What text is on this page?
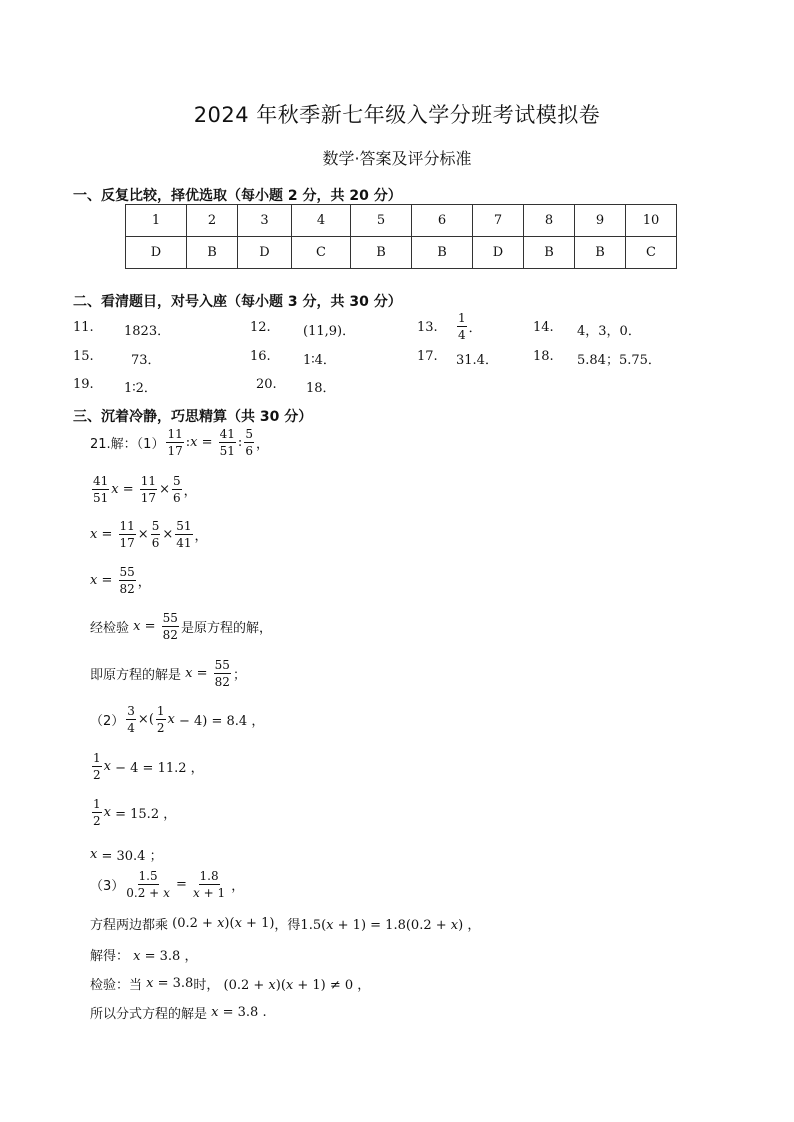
2024 年秋季新七年级入学分班考试模拟卷
数学·答案及评分标准
一、反复比较，择优选取（每小题 2 分，共 20 分）
1	2	3	4	5	6	7	8	9	10
D	B	D	C	B	B	D	B	B	C
二、看清题目，对号入座（每小题 3 分，共 30 分）
11. 1823．	12. (11,9)．	13. $\frac{1}{4}$ ．	14. 4，3，0．
15.	73．	16. 1∶4．	17. 31.4．	18. 5.84；5.75．
19. 1∶2．	20. 18．
三、沉着冷静，巧思精算（共 30 分）
21.解：（1）
11
17
: $x = \frac{41}{51}$ :
5
6 ，
41
51
$x = \frac{11}{17} \times \frac{5}{6}$ ，
$x = \frac{11}{17} \times \frac{5}{6} \times \frac{51}{41}$ ，
$x = \frac{55}{82}$ ，
经检验 $x = \frac{55}{82}$ 是原方程的解，
即原方程的解是 $x = \frac{55}{82}$ ；
$(2) \frac{3}{4}$ ×(
1
2
x − 4) = 8.4 ，
1
2
x − 4 = 11.2 ，
1
2
x = 15.2 ，
x = 30.4 ；
$(3) \frac{1.5}{0.2 + x} = \frac{1.8}{x + 1}$ ，
方程两边都乘 (0.2 + x)(x + 1) ，得 1.5(x + 1) = 1.8(0.2 + x) ，
解得： x = 3.8 ，
检验：当 x = 3.8 时， (0.2 + x)(x + 1) ≠ 0 ，
所以分式方程的解是 x = 3.8 .
